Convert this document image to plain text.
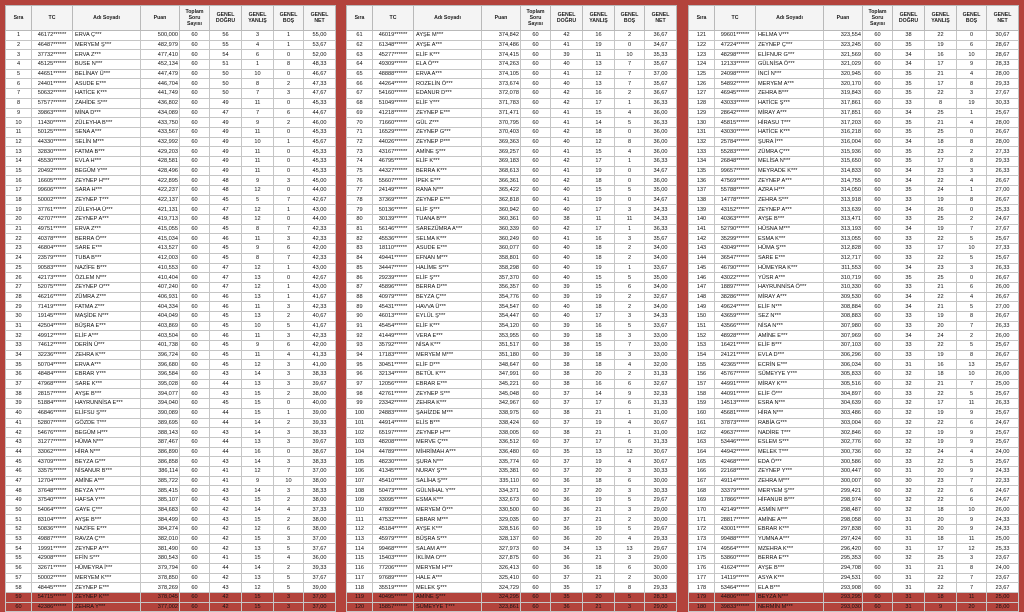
Sıra	TC	Adı Soyadı	Puan	Toplam Soru Sayısı	GENEL DOĞRU	GENEL YANLIŞ	GENEL BOŞ	GENEL NET
1	46172******	ERVA Ç***	500,000	60	56	3	1	55,00
2	46487******	MERYEM Ş***	482,979	60	55	4	1	53,67
3	37732******	ERVA Z***	477,410	60	54	6	0	52,00
4	45125******	BUSE N***	452,134	60	51	1	8	48,33
5	44651******	BELİNAY Ü***	447,479	60	50	10	0	46,67
6	24401******	ASUDE E***	446,704	60	50	8	2	47,33
7	50632******	HATİCE K***	441,749	60	50	7	3	47,67
8	57577******	ZAHİDE S***	436,802	60	49	11	0	45,33
9	39863******	MİNA D***	434,089	60	47	7	6	44,67
10	11430******	ZÜLEYHA B***	433,750	60	49	9	2	46,00
11	50125******	SENA A***	433,567	60	49	11	0	45,33
12	44330******	SELİN M***	432,992	60	49	10	1	45,67
13	32830******	FATMA B***	429,203	60	49	11	0	45,33
14	45530******	EVLA H***	428,581	60	49	11	0	45,33
15	20492******	BEGÜM Y***	428,496	60	49	11	0	45,33
16	16605******	ZEYNEP H***	422,895	60	48	9	3	45,00
17	99606******	SARA H***	422,237	60	48	12	0	44,00
18	50002******	ZEYNEP T***	422,137	60	45	5	7	42,67
19	37761******	ZÜLEYHA Ü***	421,131	60	47	12	1	43,00
20	42707******	ZEYNEP A***	419,713	60	48	12	0	44,00
21	49751******	ERVA Z***	415,055	60	45	8	7	42,33
22	40378******	BERRA Ö***	415,034	60	46	11	3	42,33
23	46804******	SARE E***	413,527	60	45	9	6	42,00
24	23579******	TUBA B***	412,003	60	45	8	7	42,33
25	90583******	NAZİFE B***	410,553	60	47	12	1	43,00
26	42173******	ÖZLEM N***	410,404	60	47	13	0	42,67
27	52075******	ZEYNEP O***	407,240	60	47	12	1	43,00
28	46216******	ZÜMRA Z***	406,931	60	46	13	1	41,67
29	71419******	FATMA Z***	404,334	60	46	11	3	42,33
30	19145******	MAŞİDE N***	404,049	60	45	13	2	40,67
31	42504******	BÜŞRA E***	403,869	60	45	10	5	41,67
32	49912******	ELİF A***	403,504	60	46	11	3	42,33
33	74612******	DERİN Ü***	401,738	60	45	9	6	42,00
34	32236******	ZEHRA K***	396,724	60	45	11	4	41,33
35	50704******	ERVA A***	396,680	60	45	12	3	41,00
36	48484******	EBRAR Y***	396,584	60	43	14	3	38,33
37	47968******	SARE K***	395,028	60	44	13	3	39,67
38	28157******	AYŞE B***	394,077	60	43	15	2	38,00
39	51884******	HAYRUNNİSA E***	394,040	60	45	15	0	40,00
40	46846******	ELİFSU Ş***	390,089	60	44	15	1	39,00
41	52807******	GÖZDE T***	389,695	60	44	14	2	39,33
42	54676******	BEGÜM H***	388,143	60	43	14	3	38,33
43	31277******	HÜMA N***	387,467	60	44	13	3	39,67
44	33062******	HİRA N***	386,890	60	44	16	0	38,67
45	43709******	BEYZA G***	386,858	60	43	14	3	38,33
46	33575******	NİSANUR B***	386,114	60	41	12	7	37,00
47	12704******	AMİNE A***	385,722	60	41	9	10	38,00
48	37648******	BEYZA Y***	385,415	60	43	14	3	38,33
49	37540******	HAFSA Y***	385,107	60	43	15	2	38,00
50	54064******	GAYE Ç***	384,683	60	42	14	4	37,33
51	83104******	AYŞE B***	384,499	60	43	15	2	38,00
52	50836******	NAZİFE E***	384,274	60	42	12	6	38,00
53	49887******	RAVZA Ç***	382,010	60	42	15	3	37,00
54	19991******	ZEYNEP A***	381,490	60	42	13	5	37,67
55	42908******	EFİN S***	380,543	60	41	15	4	36,00
56	32671******	HÜMEYRA İ***	379,794	60	44	14	2	39,33
57	50002******	MERYEM K***	378,850	60	42	13	5	37,67
58	48445******	ZEYNEP E***	378,269	60	43	12	5	39,00
59	54715******	ZEYNEP K***	378,045	60	42	15	3	37,00
60	42386******	ZEHRA Y***	377,002	60	42	15	3	37,00
Sıra	TC	Adı Soyadı	Puan	Toplam Soru Sayısı	GENEL DOĞRU	GENEL YANLIŞ	GENEL BOŞ	GENEL NET
61	46019******	AYŞE M***	374,842	60	42	16	2	36,67
62	61348******	AYŞE A***	374,486	60	41	19	0	34,67
63	45277******	ELİF K***	374,415	60	39	11	10	35,33
64	49309******	ELA Ö***	374,263	60	40	13	7	35,67
65	48888******	ERVA A***	374,105	60	41	12	7	37,00
66	44264******	ROZELİN Ö***	373,674	60	40	13	7	35,67
67	54160******	EDANUR D***	372,078	60	42	16	2	36,67
68	51049******	ELİF Y***	371,783	60	42	17	1	36,33
69	41218******	ZEYNEP E***	371,471	60	41	15	4	36,00
70	71660******	GÜL Z***	370,795	60	41	14	5	36,33
71	16529******	ZEYNEP G***	370,403	60	42	18	0	36,00
72	44026******	ZEYNEP P***	369,363	60	40	12	8	36,00
73	43167******	AMİNE Ş***	369,257	60	41	15	4	36,00
74	46795******	ELİF K***	369,183	60	42	17	1	36,33
75	44327******	BERRA K***	368,613	60	41	19	0	34,67
76	55607******	İPEK E***	366,361	60	42	18	0	36,00
77	24149******	RANA N***	365,422	60	40	15	5	35,00
78	37369******	ZEYNEP E***	362,818	60	41	19	0	34,67
79	50136******	ELİF Ş***	360,942	60	40	17	3	34,33
80	30139******	TUANA B***	360,361	60	38	11	11	34,33
81	56146******	SAREZÜMRA A***	360,339	60	42	17	1	36,33
82	45536******	SELMA K***	360,249	60	41	16	3	35,67
83	18110******	ASUDE E***	360,077	60	40	18	2	34,00
84	49441******	EFNAN M***	358,801	60	40	18	2	34,00
85	34447******	HALİME S***	358,298	60	40	19	1	33,67
86	29239******	ELİF Ş***	357,370	60	40	15	5	35,00
87	45896******	BERRA D***	356,357	60	39	15	6	34,00
88	40979******	BEYZA Ç***	354,776	60	39	19	2	32,67
89	45431******	HAVVA Ü***	354,547	60	40	18	2	34,00
90	46013******	EYLÜL Ş***	354,447	60	40	17	3	34,33
91	45454******	ELİF K***	354,120	60	39	16	5	33,67
92	41449******	VERA E***	353,955	60	39	18	3	33,00
93	35792******	NİSA K***	351,517	60	38	15	7	33,00
94	17183******	MERYEM M***	351,180	60	39	18	3	33,00
95	30451******	ELİF D***	348,647	60	38	18	4	32,00
96	32134******	BETÜL K***	347,991	60	38	20	2	31,33
97	12056******	EBRAR E***	345,221	60	38	16	6	32,67
98	42761******	ZEYNEP S***	345,048	60	37	14	9	32,33
99	23342******	ZEHRA K***	342,967	60	37	17	6	31,33
100	24883******	ŞAHİZDE M***	338,975	60	38	21	1	31,00
101	44914******	ELİS B***	338,424	60	37	19	4	30,67
102	65197******	ZEYNEP H***	338,005	60	38	21	1	31,00
103	48208******	MERVE Ç***	336,512	60	37	17	6	31,33
104	44789******	MİHRİMAH A***	336,480	60	35	13	12	30,67
105	48230******	ŞURA N***	335,774	60	37	19	4	30,67
106	41345******	NURAY Ş***	335,381	60	37	20	3	30,33
107	45410******	SALİHA Ş***	335,110	60	36	18	6	30,00
108	50473******	GÜLNİHAL Y***	334,371	60	37	20	3	30,33
109	33095******	ESMA K***	332,673	60	36	19	5	29,67
110	47809******	MERYEM Ö***	330,500	60	36	21	3	29,00
111	47532******	EBRAR M***	329,035	60	37	21	2	30,00
112	45184******	AYŞE K***	328,516	60	36	19	5	29,67
113	45979******	BÜŞRA S***	328,137	60	36	20	4	29,33
114	99468******	SALAM A***	327,973	60	34	13	13	29,67
115	15403******	İKLİMA O***	327,875	60	36	21	3	29,00
116	77206******	MERYEM H***	326,413	60	36	18	6	30,00
117	97689******	HALE A***	325,410	60	37	21	2	30,00
118	35519******	MELEK Ş***	324,729	60	35	17	8	29,33
119	40495******	AMİNE Ş***	324,295	60	35	20	5	28,33
120	15857******	SÜMEYYE T***	323,861	60	36	21	3	29,00
Sıra	TC	Adı Soyadı	Puan	Toplam Soru Sayısı	GENEL DOĞRU	GENEL YANLIŞ	GENEL BOŞ	GENEL NET
121	99601******	HELMA V***	323,554	60	38	22	0	30,67
122	47224******	ZEYNEP Ç***	323,245	60	35	19	6	28,67
123	48298******	ELİFNUR G***	321,569	60	34	16	10	28,67
124	12133******	GÜLNİSA Ö***	321,029	60	34	17	9	28,33
125	24098******	İNCİ N***	320,945	60	35	21	4	28,00
126	54892******	MERYEM A***	320,170	60	35	17	8	29,33
127	46945******	ZEHRA B***	319,843	60	35	22	3	27,67
128	43033******	HATİCE Ş***	317,861	60	33	8	19	30,33
129	28642******	MİRAY A***	317,851	60	34	25	1	25,67
130	45815******	HİRASU T***	317,203	60	35	21	4	28,00
131	43030******	HATİCE K***	316,218	60	35	25	0	26,67
132	25784******	ŞURA İ***	316,004	60	34	18	8	28,00
133	55283******	ZÜMRA Ç***	315,936	60	35	23	2	27,33
134	26848******	MELİSA N***	315,650	60	35	17	8	29,33
135	99657******	MEYRADE K***	314,833	60	34	23	3	26,33
136	47569******	ZEYNEP A***	314,755	60	34	22	4	26,67
137	55788******	AZRA H***	314,050	60	35	24	1	27,00
138	14778******	ZEHRA S***	313,918	60	33	19	8	26,67
139	43152******	ZEYNEP A***	313,639	60	34	26	0	25,33
140	40363******	AYŞE B***	313,471	60	33	25	2	24,67
141	52790******	HÜSNA M***	313,193	60	34	19	7	27,67
142	35299******	ESMA K***	313,055	60	33	22	5	25,67
143	43049******	HÜMA Ş***	312,828	60	33	17	10	27,33
144	36547******	SARE E***	312,717	60	33	22	5	25,67
145	46790******	HÜMEYRA K***	311,553	60	34	23	3	26,33
146	43022******	YÜSR A***	310,719	60	35	25	0	26,67
147	18897******	HAYRUNNİSA Ö***	310,330	60	33	21	6	26,00
148	38286******	MİRAY A***	309,530	60	34	22	4	26,67
149	49624******	ELİF N***	308,884	60	34	21	5	27,00
150	43659******	SEZ N***	308,883	60	33	19	8	26,67
151	43566******	NİSA N***	307,980	60	33	20	7	26,33
152	48928******	AMİNE E***	307,969	60	34	24	2	26,00
153	16421******	ELİF B***	307,103	60	33	22	5	25,67
154	24121******	EVLA D***	306,296	60	33	19	8	26,67
155	42365******	ECRİN E***	306,034	60	31	16	13	25,67
156	45767******	SÜMEYYE Y***	305,833	60	32	18	10	26,00
157	44991******	MİRAY K***	305,516	60	32	21	7	25,00
158	44091******	ELİF Ö***	304,897	60	33	22	5	25,67
159	14513******	ESRA N***	304,639	60	32	17	11	26,33
160	45681******	HİRA N***	303,486	60	32	19	9	25,67
161	37873******	RABİA G***	303,004	60	32	22	6	24,67
162	49637******	NADİRE T***	302,846	60	32	19	9	25,67
163	53446******	ESLEM S***	302,776	60	32	19	9	25,67
164	44942******	MELEK T***	300,736	60	32	24	4	24,00
165	42468******	EDA Ö***	300,586	60	33	22	5	25,67
166	22168******	ZEYNEP Y***	300,447	60	31	20	9	24,33
167	49114******	ZEHRA M***	300,007	60	30	23	7	22,33
168	33379******	MERYEM Ş***	299,421	60	32	22	6	24,67
169	17866******	HİFANUR B***	298,974	60	32	22	6	24,67
170	42149******	ASMİN M***	298,487	60	32	18	10	26,00
171	28817******	AMİNE A***	298,058	60	31	20	9	24,33
172	43001******	EBRAR K***	297,838	60	31	20	9	24,33
173	99488******	YUMNA A***	297,424	60	31	18	11	25,00
174	49564******	MZEHRA K***	296,420	60	31	17	12	25,33
175	53860******	BERRA E***	295,353	60	32	25	3	23,67
176	41624******	AYŞE B***	294,708	60	31	21	8	24,00
177	14119******	ASYA K***	294,531	60	31	22	7	23,67
178	53464******	ELA B***	293,908	60	31	22	7	23,67
179	44806******	BEYZA N***	293,295	60	31	18	11	25,00
180	39833******	NERMİN M***	293,030	60	31	9	20	28,00
